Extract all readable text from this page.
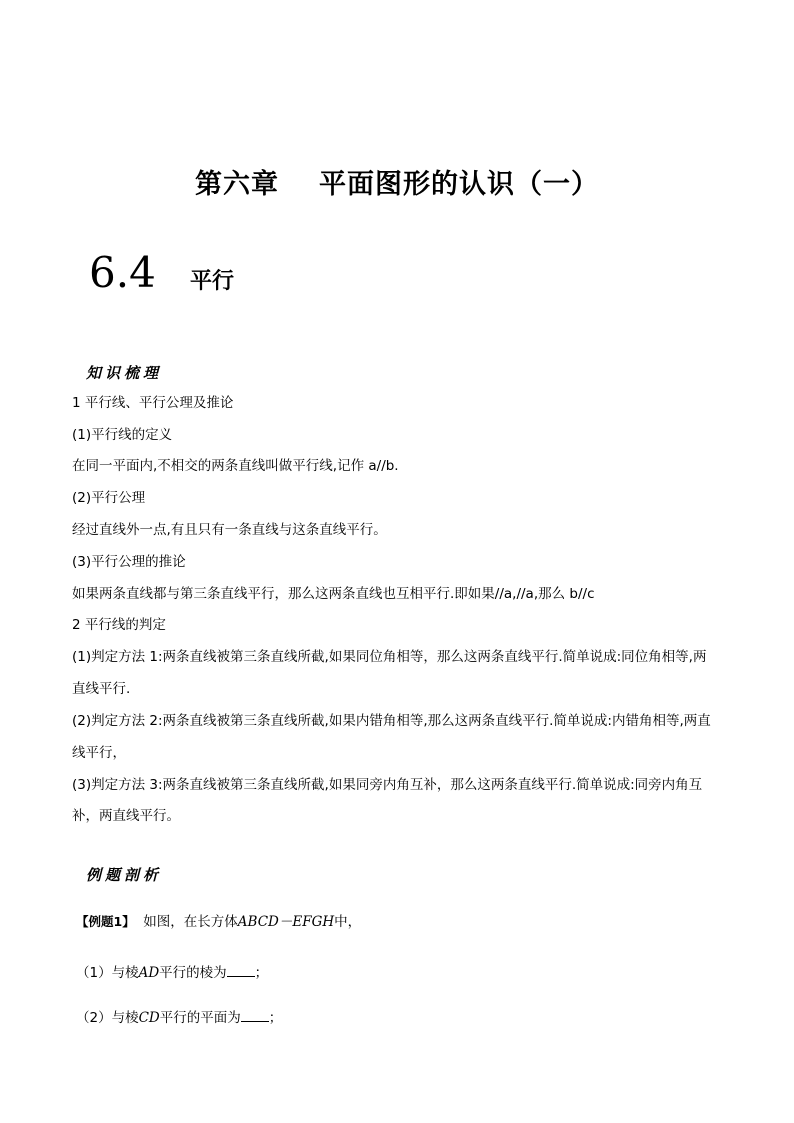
第六章 平面图形的认识（一）
6.4 平行
知识梳理
1 平行线、平行公理及推论
(1)平行线的定义
在同一平面内,不相交的两条直线叫做平行线,记作 a//b.
(2)平行公理
经过直线外一点,有且只有一条直线与这条直线平行。
(3)平行公理的推论
如果两条直线都与第三条直线平行，那么这两条直线也互相平行.即如果//a,//a,那么 b//c
2 平行线的判定
(1)判定方法 1:两条直线被第三条直线所截,如果同位角相等，那么这两条直线平行.简单说成:同位角相等,两
直线平行.
(2)判定方法 2:两条直线被第三条直线所截,如果内错角相等,那么这两条直线平行.简单说成:内错角相等,两直
线平行，
(3)判定方法 3:两条直线被第三条直线所截,如果同旁内角互补，那么这两条直线平行.简单说成:同旁内角互
补，两直线平行。
例题剖析
【例题1】 如图，在长方体ABCD－EFGH中，
（1）与棱AD平行的棱为 ；
（2）与棱CD平行的平面为 ；
